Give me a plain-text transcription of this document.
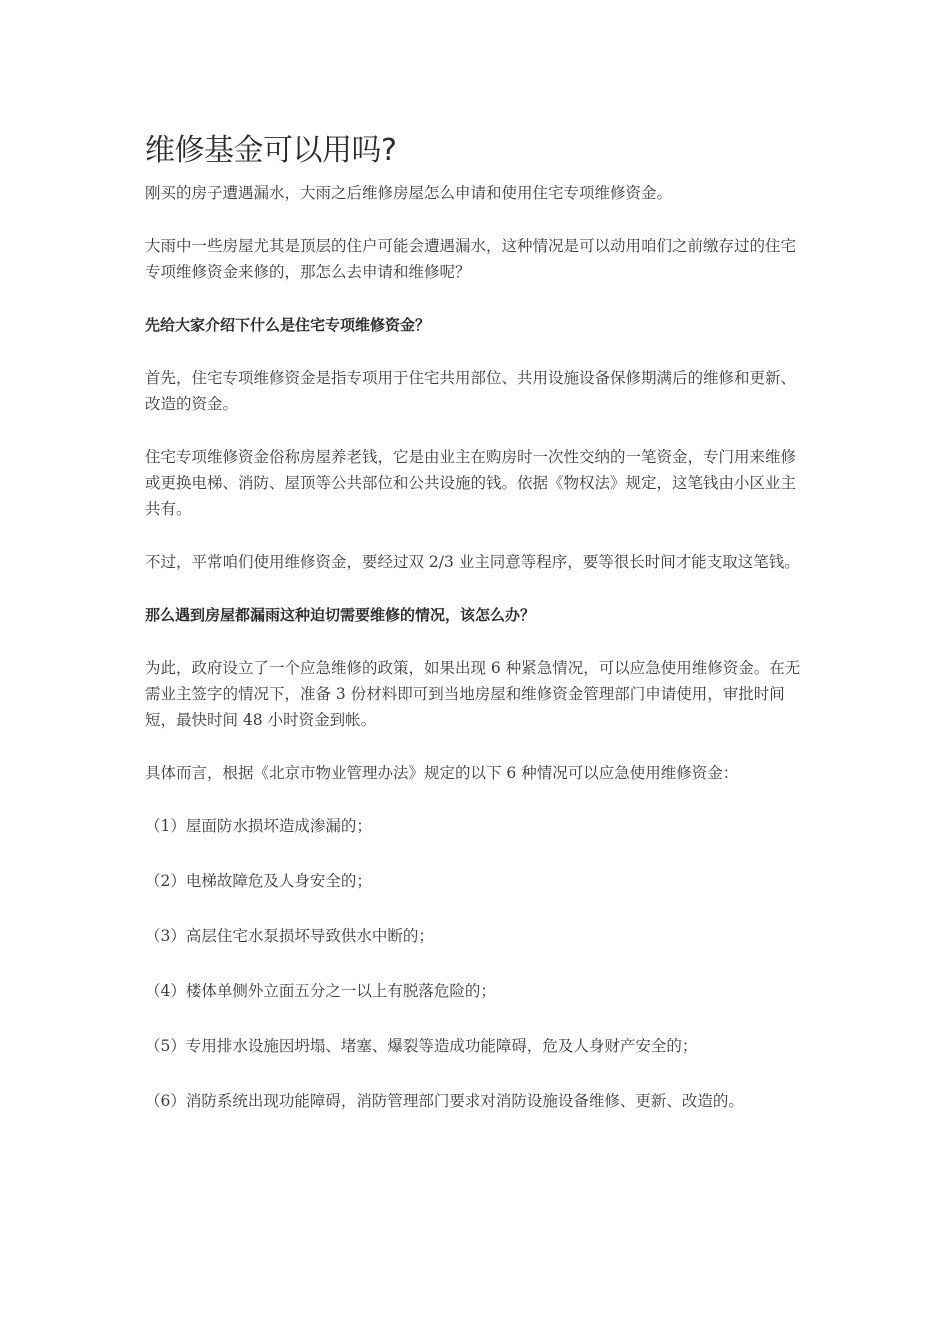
维修基金可以用吗?

刚买的房子遭遇漏水，大雨之后维修房屋怎么申请和使用住宅专项维修资金。

大雨中一些房屋尤其是顶层的住户可能会遭遇漏水，这种情况是可以动用咱们之前缴存过的住宅专项维修资金来修的，那怎么去申请和维修呢？

先给大家介绍下什么是住宅专项维修资金？

首先，住宅专项维修资金是指专项用于住宅共用部位、共用设施设备保修期满后的维修和更新、改造的资金。

住宅专项维修资金俗称房屋养老钱，它是由业主在购房时一次性交纳的一笔资金，专门用来维修或更换电梯、消防、屋顶等公共部位和公共设施的钱。依据《物权法》规定，这笔钱由小区业主共有。

不过，平常咱们使用维修资金，要经过双 2/3 业主同意等程序，要等很长时间才能支取这笔钱。

那么遇到房屋都漏雨这种迫切需要维修的情况，该怎么办？

为此，政府设立了一个应急维修的政策，如果出现 6 种紧急情况，可以应急使用维修资金。在无需业主签字的情况下，准备 3 份材料即可到当地房屋和维修资金管理部门申请使用，审批时间短，最快时间 48 小时资金到帐。

具体而言，根据《北京市物业管理办法》规定的以下 6 种情况可以应急使用维修资金：

（1）屋面防水损坏造成渗漏的；

（2）电梯故障危及人身安全的；

（3）高层住宅水泵损坏导致供水中断的；

（4）楼体单侧外立面五分之一以上有脱落危险的；

（5）专用排水设施因坍塌、堵塞、爆裂等造成功能障碍，危及人身财产安全的；

（6）消防系统出现功能障碍，消防管理部门要求对消防设施设备维修、更新、改造的。
